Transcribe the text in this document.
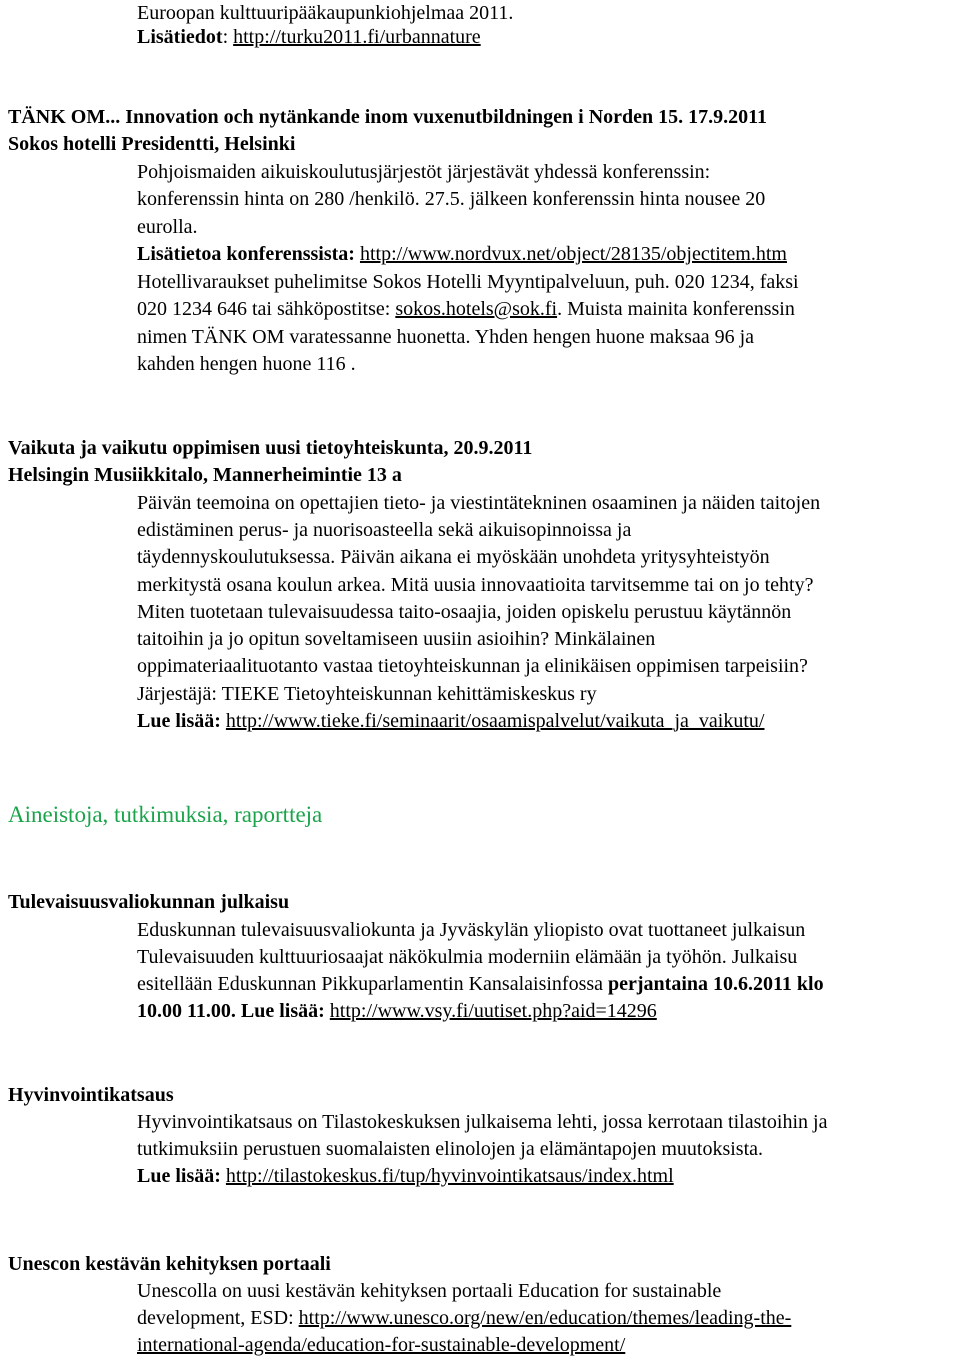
Euroopan kulttuuripääkaupunkiohjelmaa 2011.
Lisätiedot: http://turku2011.fi/urbannature
TÄNK OM... Innovation och nytänkande inom vuxenutbildningen i Norden 15. 17.9.2011
Sokos hotelli Presidentti, Helsinki
Pohjoismaiden aikuiskoulutusjärjestöt järjestävät yhdessä konferenssin:
konferenssin hinta on 280 /henkilö. 27.5. jälkeen konferenssin hinta nousee 20
eurolla.
Lisätietoa konferenssista: http://www.nordvux.net/object/28135/objectitem.htm
Hotellivaraukset puhelimitse Sokos Hotelli Myyntipalveluun, puh. 020 1234, faksi
020 1234 646 tai sähköpostitse: sokos.hotels@sok.fi. Muista mainita konferenssin
nimen TÄNK OM varatessanne huonetta. Yhden hengen huone maksaa 96 ja
kahden hengen huone 116 .
Vaikuta ja vaikutu oppimisen uusi tietoyhteiskunta, 20.9.2011
Helsingin Musiikkitalo, Mannerheimintie 13 a
Päivän teemoina on opettajien tieto- ja viestintätekninen osaaminen ja näiden taitojen
edistäminen perus- ja nuorisoasteella sekä aikuisopinnoissa ja
täydennyskoulutuksessa. Päivän aikana ei myöskään unohdeta yritysyhteistyön
merkitystä osana koulun arkea. Mitä uusia innovaatioita tarvitsemme tai on jo tehty?
Miten tuotetaan tulevaisuudessa taito-osaajia, joiden opiskelu perustuu käytännön
taitoihin ja jo opitun soveltamiseen uusiin asioihin? Minkälainen
oppimateriaalituotanto vastaa tietoyhteiskunnan ja elinikäisen oppimisen tarpeisiin?
Järjestäjä: TIEKE Tietoyhteiskunnan kehittämiskeskus ry
Lue lisää: http://www.tieke.fi/seminaarit/osaamispalvelut/vaikuta_ja_vaikutu/
Aineistoja, tutkimuksia, raportteja
Tulevaisuusvaliokunnan julkaisu
Eduskunnan tulevaisuusvaliokunta ja Jyväskylän yliopisto ovat tuottaneet julkaisun
Tulevaisuuden kulttuuriosaajat näkökulmia moderniin elämään ja työhön. Julkaisu
esitellään Eduskunnan Pikkuparlamentin Kansalaisinfossa perjantaina 10.6.2011 klo
10.00 11.00. Lue lisää: http://www.vsy.fi/uutiset.php?aid=14296
Hyvinvointikatsaus
Hyvinvointikatsaus on Tilastokeskuksen julkaisema lehti, jossa kerrotaan tilastoihin ja
tutkimuksiin perustuen suomalaisten elinolojen ja elämäntapojen muutoksista.
Lue lisää: http://tilastokeskus.fi/tup/hyvinvointikatsaus/index.html
Unescon kestävän kehityksen portaali
Unescolla on uusi kestävän kehityksen portaali Education for sustainable
development, ESD: http://www.unesco.org/new/en/education/themes/leading-the-
international-agenda/education-for-sustainable-development/
